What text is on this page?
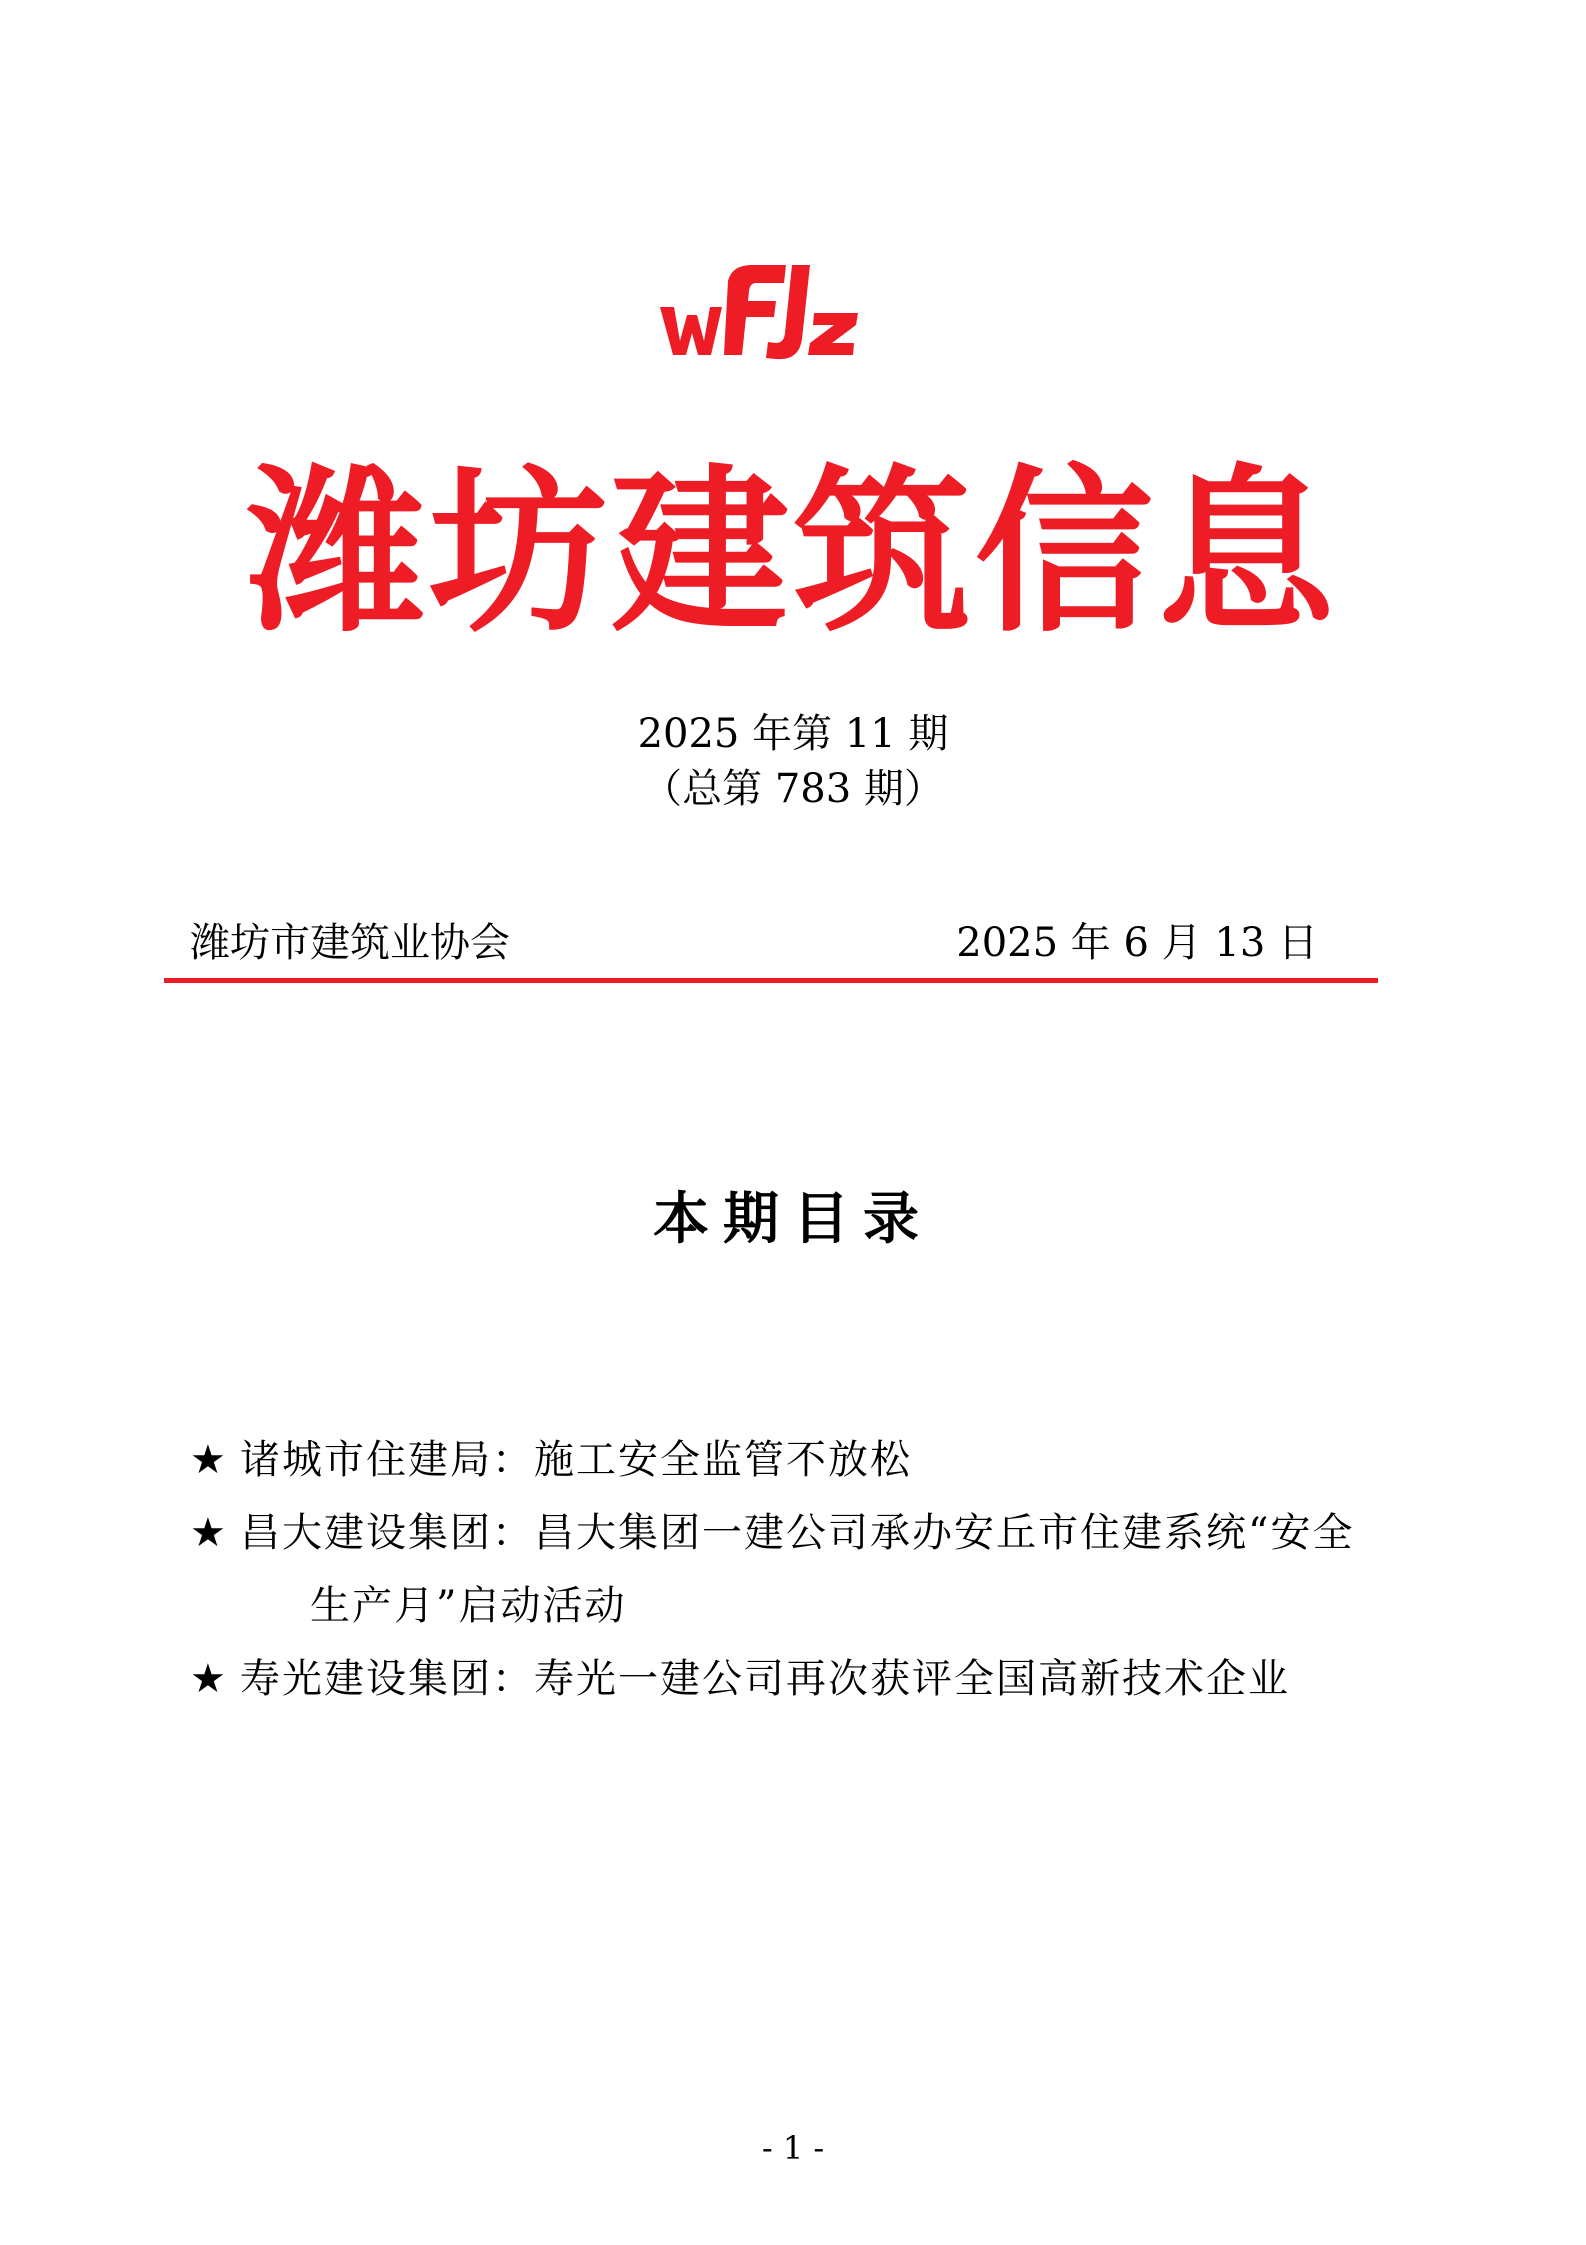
潍坊建筑信息
2025 年第 11 期
（总第 783 期）
潍坊市建筑业协会	2025 年 6 月 13 日
本期目录
★ 诸城市住建局：施工安全监管不放松
★ 昌大建设集团：昌大集团一建公司承办安丘市住建系统“安全
生产月”启动活动
★ 寿光建设集团：寿光一建公司再次获评全国高新技术企业
- 1 -
